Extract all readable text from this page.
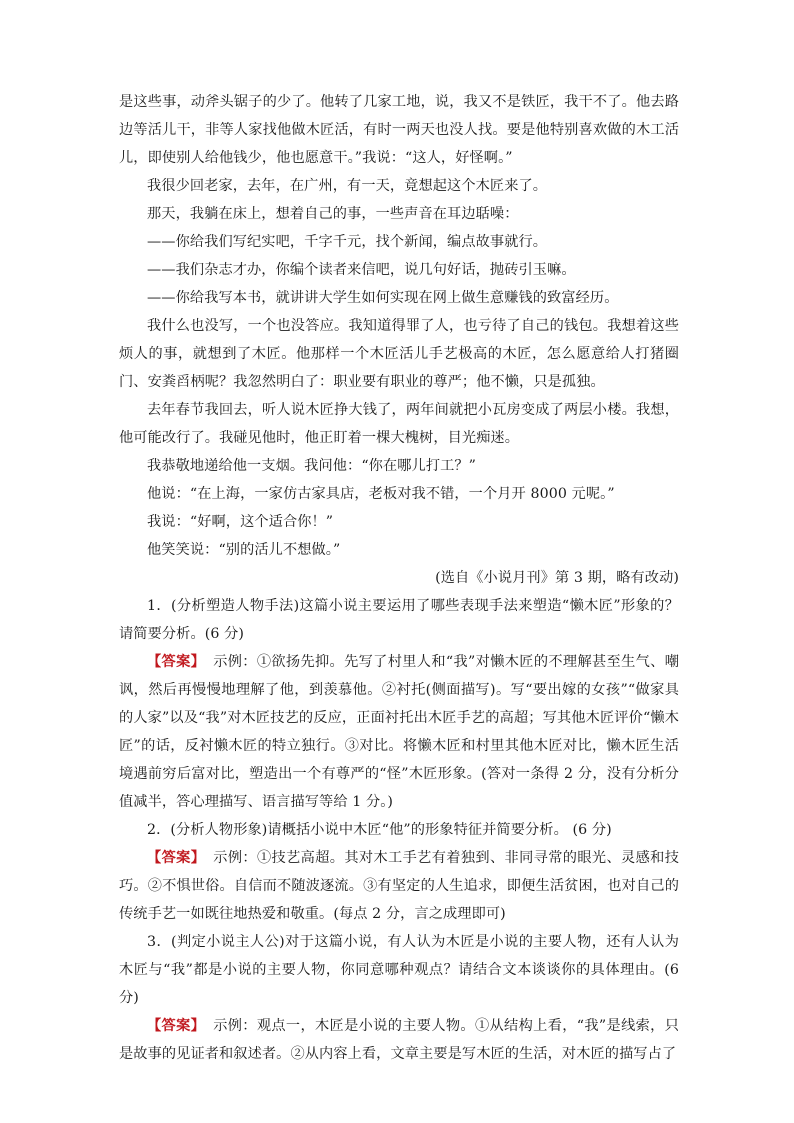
是这些事，动斧头锯子的少了。他转了几家工地，说，我又不是铁匠，我干不了。他去路边等活儿干，非等人家找他做木匠活，有时一两天也没人找。要是他特别喜欢做的木工活儿，即使别人给他钱少，他也愿意干。”我说：“这人，好怪啊。”

我很少回老家，去年，在广州，有一天，竟想起这个木匠来了。

那天，我躺在床上，想着自己的事，一些声音在耳边聒噪：

——你给我们写纪实吧，千字千元，找个新闻，编点故事就行。

——我们杂志才办，你编个读者来信吧，说几句好话，抛砖引玉嘛。

——你给我写本书，就讲讲大学生如何实现在网上做生意赚钱的致富经历。

我什么也没写，一个也没答应。我知道得罪了人，也亏待了自己的钱包。我想着这些烦人的事，就想到了木匠。他那样一个木匠活儿手艺极高的木匠，怎么愿意给人打猪圈门、安粪舀柄呢？我忽然明白了：职业要有职业的尊严；他不懒，只是孤独。

去年春节我回去，听人说木匠挣大钱了，两年间就把小瓦房变成了两层小楼。我想，他可能改行了。我碰见他时，他正盯着一棵大槐树，目光痴迷。

我恭敬地递给他一支烟。我问他：“你在哪儿打工？”

他说：“在上海，一家仿古家具店，老板对我不错，一个月开 8000 元呢。”

我说：“好啊，这个适合你！”

他笑笑说：“别的活儿不想做。”

(选自《小说月刊》第 3 期，略有改动)

1．(分析塑造人物手法)这篇小说主要运用了哪些表现手法来塑造“懒木匠”形象的？请简要分析。(6 分)

【答案】 示例：①欲扬先抑。先写了村里人和“我”对懒木匠的不理解甚至生气、嘲讽，然后再慢慢地理解了他，到羡慕他。②衬托(侧面描写)。写“要出嫁的女孩”“做家具的人家”以及“我”对木匠技艺的反应，正面衬托出木匠手艺的高超；写其他木匠评价“懒木匠”的话，反衬懒木匠的特立独行。③对比。将懒木匠和村里其他木匠对比，懒木匠生活境遇前穷后富对比，塑造出一个有尊严的“怪”木匠形象。(答对一条得 2 分，没有分析分值减半，答心理描写、语言描写等给 1 分。)

2．(分析人物形象)请概括小说中木匠“他”的形象特征并简要分析。 (6 分)

【答案】 示例：①技艺高超。其对木工手艺有着独到、非同寻常的眼光、灵感和技巧。②不惧世俗。自信而不随波逐流。③有坚定的人生追求，即便生活贫困，也对自己的传统手艺一如既往地热爱和敬重。(每点 2 分，言之成理即可)

3．(判定小说主人公)对于这篇小说，有人认为木匠是小说的主要人物，还有人认为木匠与“我”都是小说的主要人物，你同意哪种观点？请结合文本谈谈你的具体理由。(6 分)

【答案】 示例：观点一，木匠是小说的主要人物。①从结构上看，“我”是线索，只是故事的见证者和叙述者。②从内容上看，文章主要是写木匠的生活，对木匠的描写占了
